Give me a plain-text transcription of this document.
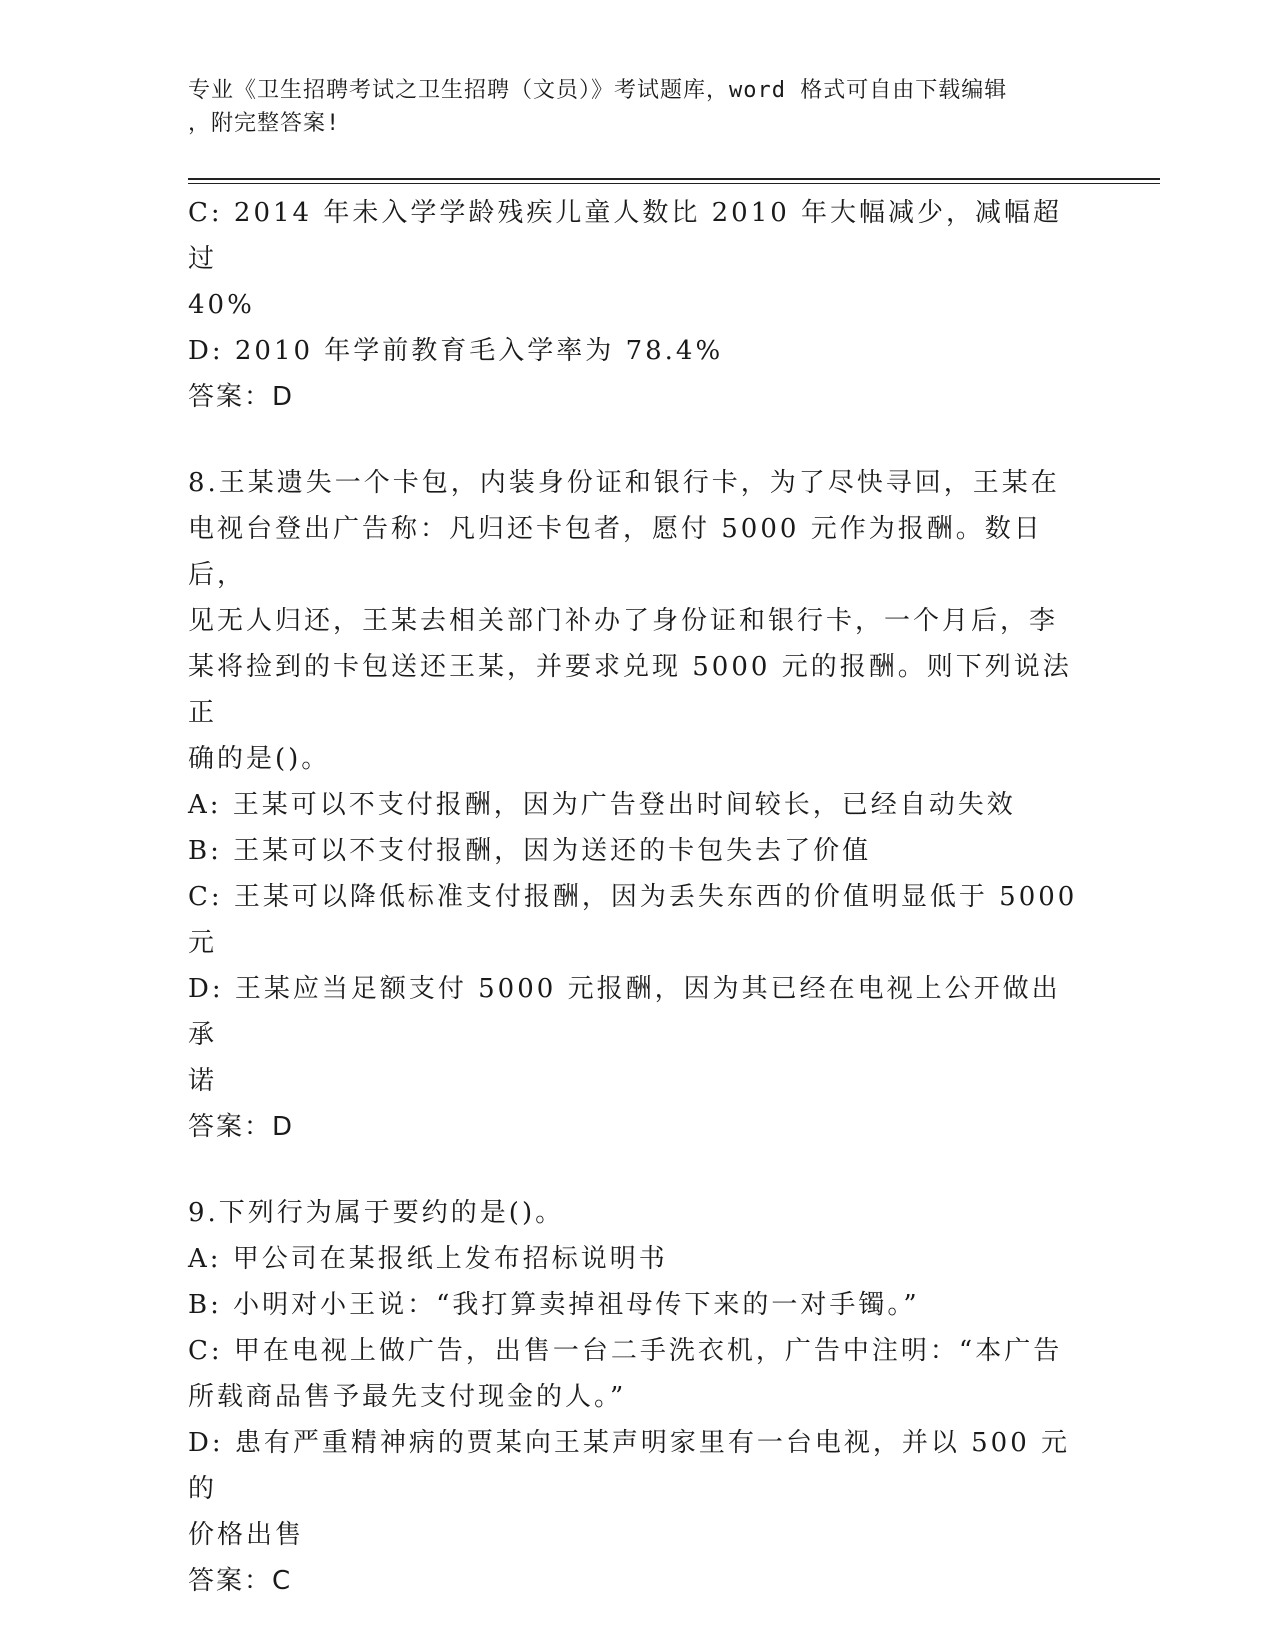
专业《卫生招聘考试之卫生招聘（文员）》考试题库，word 格式可自由下载编辑
，附完整答案!
C: 2014 年未入学学龄残疾儿童人数比 2010 年大幅减少，减幅超过
40%
D: 2010 年学前教育毛入学率为 78.4%
答案：D
8.王某遗失一个卡包，内装身份证和银行卡，为了尽快寻回，王某在
电视台登出广告称：凡归还卡包者，愿付 5000 元作为报酬。数日后，
见无人归还，王某去相关部门补办了身份证和银行卡，一个月后，李
某将捡到的卡包送还王某，并要求兑现 5000 元的报酬。则下列说法正
确的是()。
A: 王某可以不支付报酬，因为广告登出时间较长，已经自动失效
B: 王某可以不支付报酬，因为送还的卡包失去了价值
C: 王某可以降低标准支付报酬，因为丢失东西的价值明显低于 5000
元
D: 王某应当足额支付 5000 元报酬，因为其已经在电视上公开做出承
诺
答案：D
9.下列行为属于要约的是()。
A: 甲公司在某报纸上发布招标说明书
B: 小明对小王说：“我打算卖掉祖母传下来的一对手镯。”
C: 甲在电视上做广告，出售一台二手洗衣机，广告中注明：“本广告
所载商品售予最先支付现金的人。”
D: 患有严重精神病的贾某向王某声明家里有一台电视，并以 500 元的
价格出售
答案：C
